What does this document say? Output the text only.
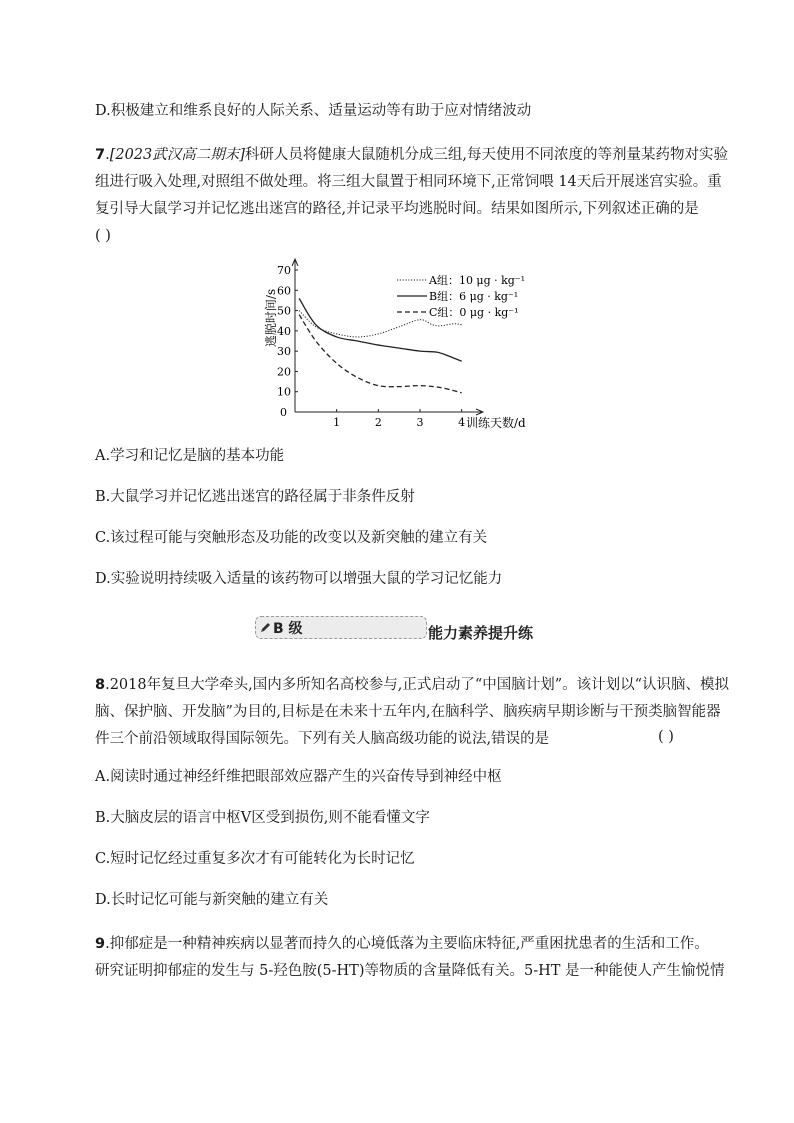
D.积极建立和维系良好的人际关系、适量运动等有助于应对情绪波动
7.[2023武汉高二期末]科研人员将健康大鼠随机分成三组,每天使用不同浓度的等剂量某药物对实验
组进行吸入处理,对照组不做处理。将三组大鼠置于相同环境下,正常饲喂 14天后开展迷宫实验。重
复引导大鼠学习并记忆逃出迷宫的路径,并记录平均逃脱时间。结果如图所示,下列叙述正确的是
( )
逃脱时间/s
0
10
20
30
40
50
60
70
1	2	3	4 训练天数/d
A组：10 μg · kg⁻¹
B组：6 μg · kg⁻¹
C组：0 μg · kg⁻¹
A.学习和记忆是脑的基本功能
B.大鼠学习并记忆逃出迷宫的路径属于非条件反射
C.该过程可能与突触形态及功能的改变以及新突触的建立有关
D.实验说明持续吸入适量的该药物可以增强大鼠的学习记忆能力
B 级	能力素养提升练
8.2018年复旦大学牵头,国内多所知名高校参与,正式启动了“中国脑计划”。该计划以“认识脑、模拟
脑、保护脑、开发脑”为目的,目标是在未来十五年内,在脑科学、脑疾病早期诊断与干预类脑智能器
件三个前沿领域取得国际领先。下列有关人脑高级功能的说法,错误的是	( )
A.阅读时通过神经纤维把眼部效应器产生的兴奋传导到神经中枢
B.大脑皮层的语言中枢Ⅴ区受到损伤,则不能看懂文字
C.短时记忆经过重复多次才有可能转化为长时记忆
D.长时记忆可能与新突触的建立有关
9.抑郁症是一种精神疾病以显著而持久的心境低落为主要临床特征,严重困扰患者的生活和工作。
研究证明抑郁症的发生与 5-羟色胺(5-HT)等物质的含量降低有关。5-HT 是一种能使人产生愉悦情
